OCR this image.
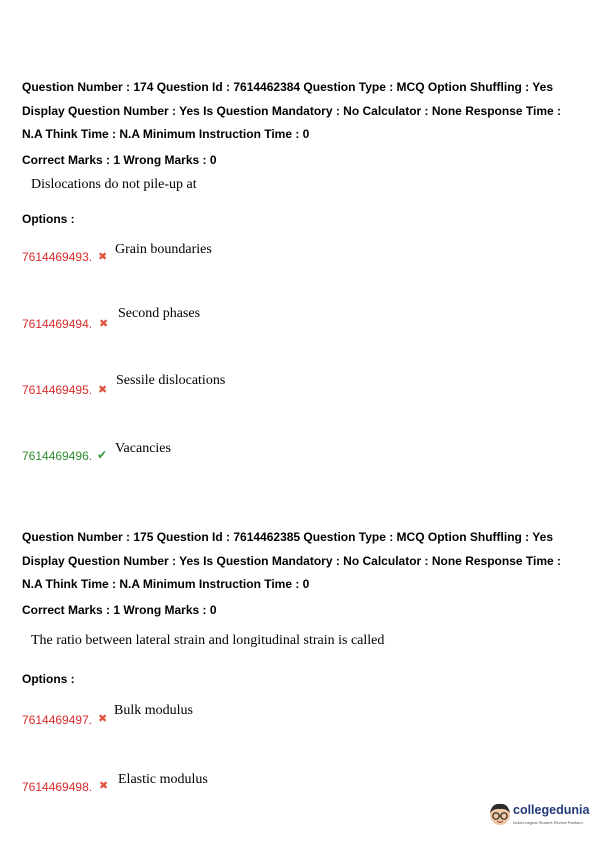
Question Number : 174 Question Id : 7614462384 Question Type : MCQ Option Shuffling : Yes Display Question Number : Yes Is Question Mandatory : No Calculator : None Response Time : N.A Think Time : N.A Minimum Instruction Time : 0
Correct Marks : 1 Wrong Marks : 0
Dislocations do not pile-up at
Options :
7614469493. ✖ Grain boundaries
7614469494. ✖
Second phases
7614469495. ✖
Sessile dislocations
7614469496. ✔ Vacancies
Question Number : 175 Question Id : 7614462385 Question Type : MCQ Option Shuffling : Yes Display Question Number : Yes Is Question Mandatory : No Calculator : None Response Time : N.A Think Time : N.A Minimum Instruction Time : 0
Correct Marks : 1 Wrong Marks : 0
The ratio between lateral strain and longitudinal strain is called
Options :
7614469497. ✖
Bulk modulus
7614469498. ✖ Elastic modulus
collegedunia
India's largest Student Review Platform
